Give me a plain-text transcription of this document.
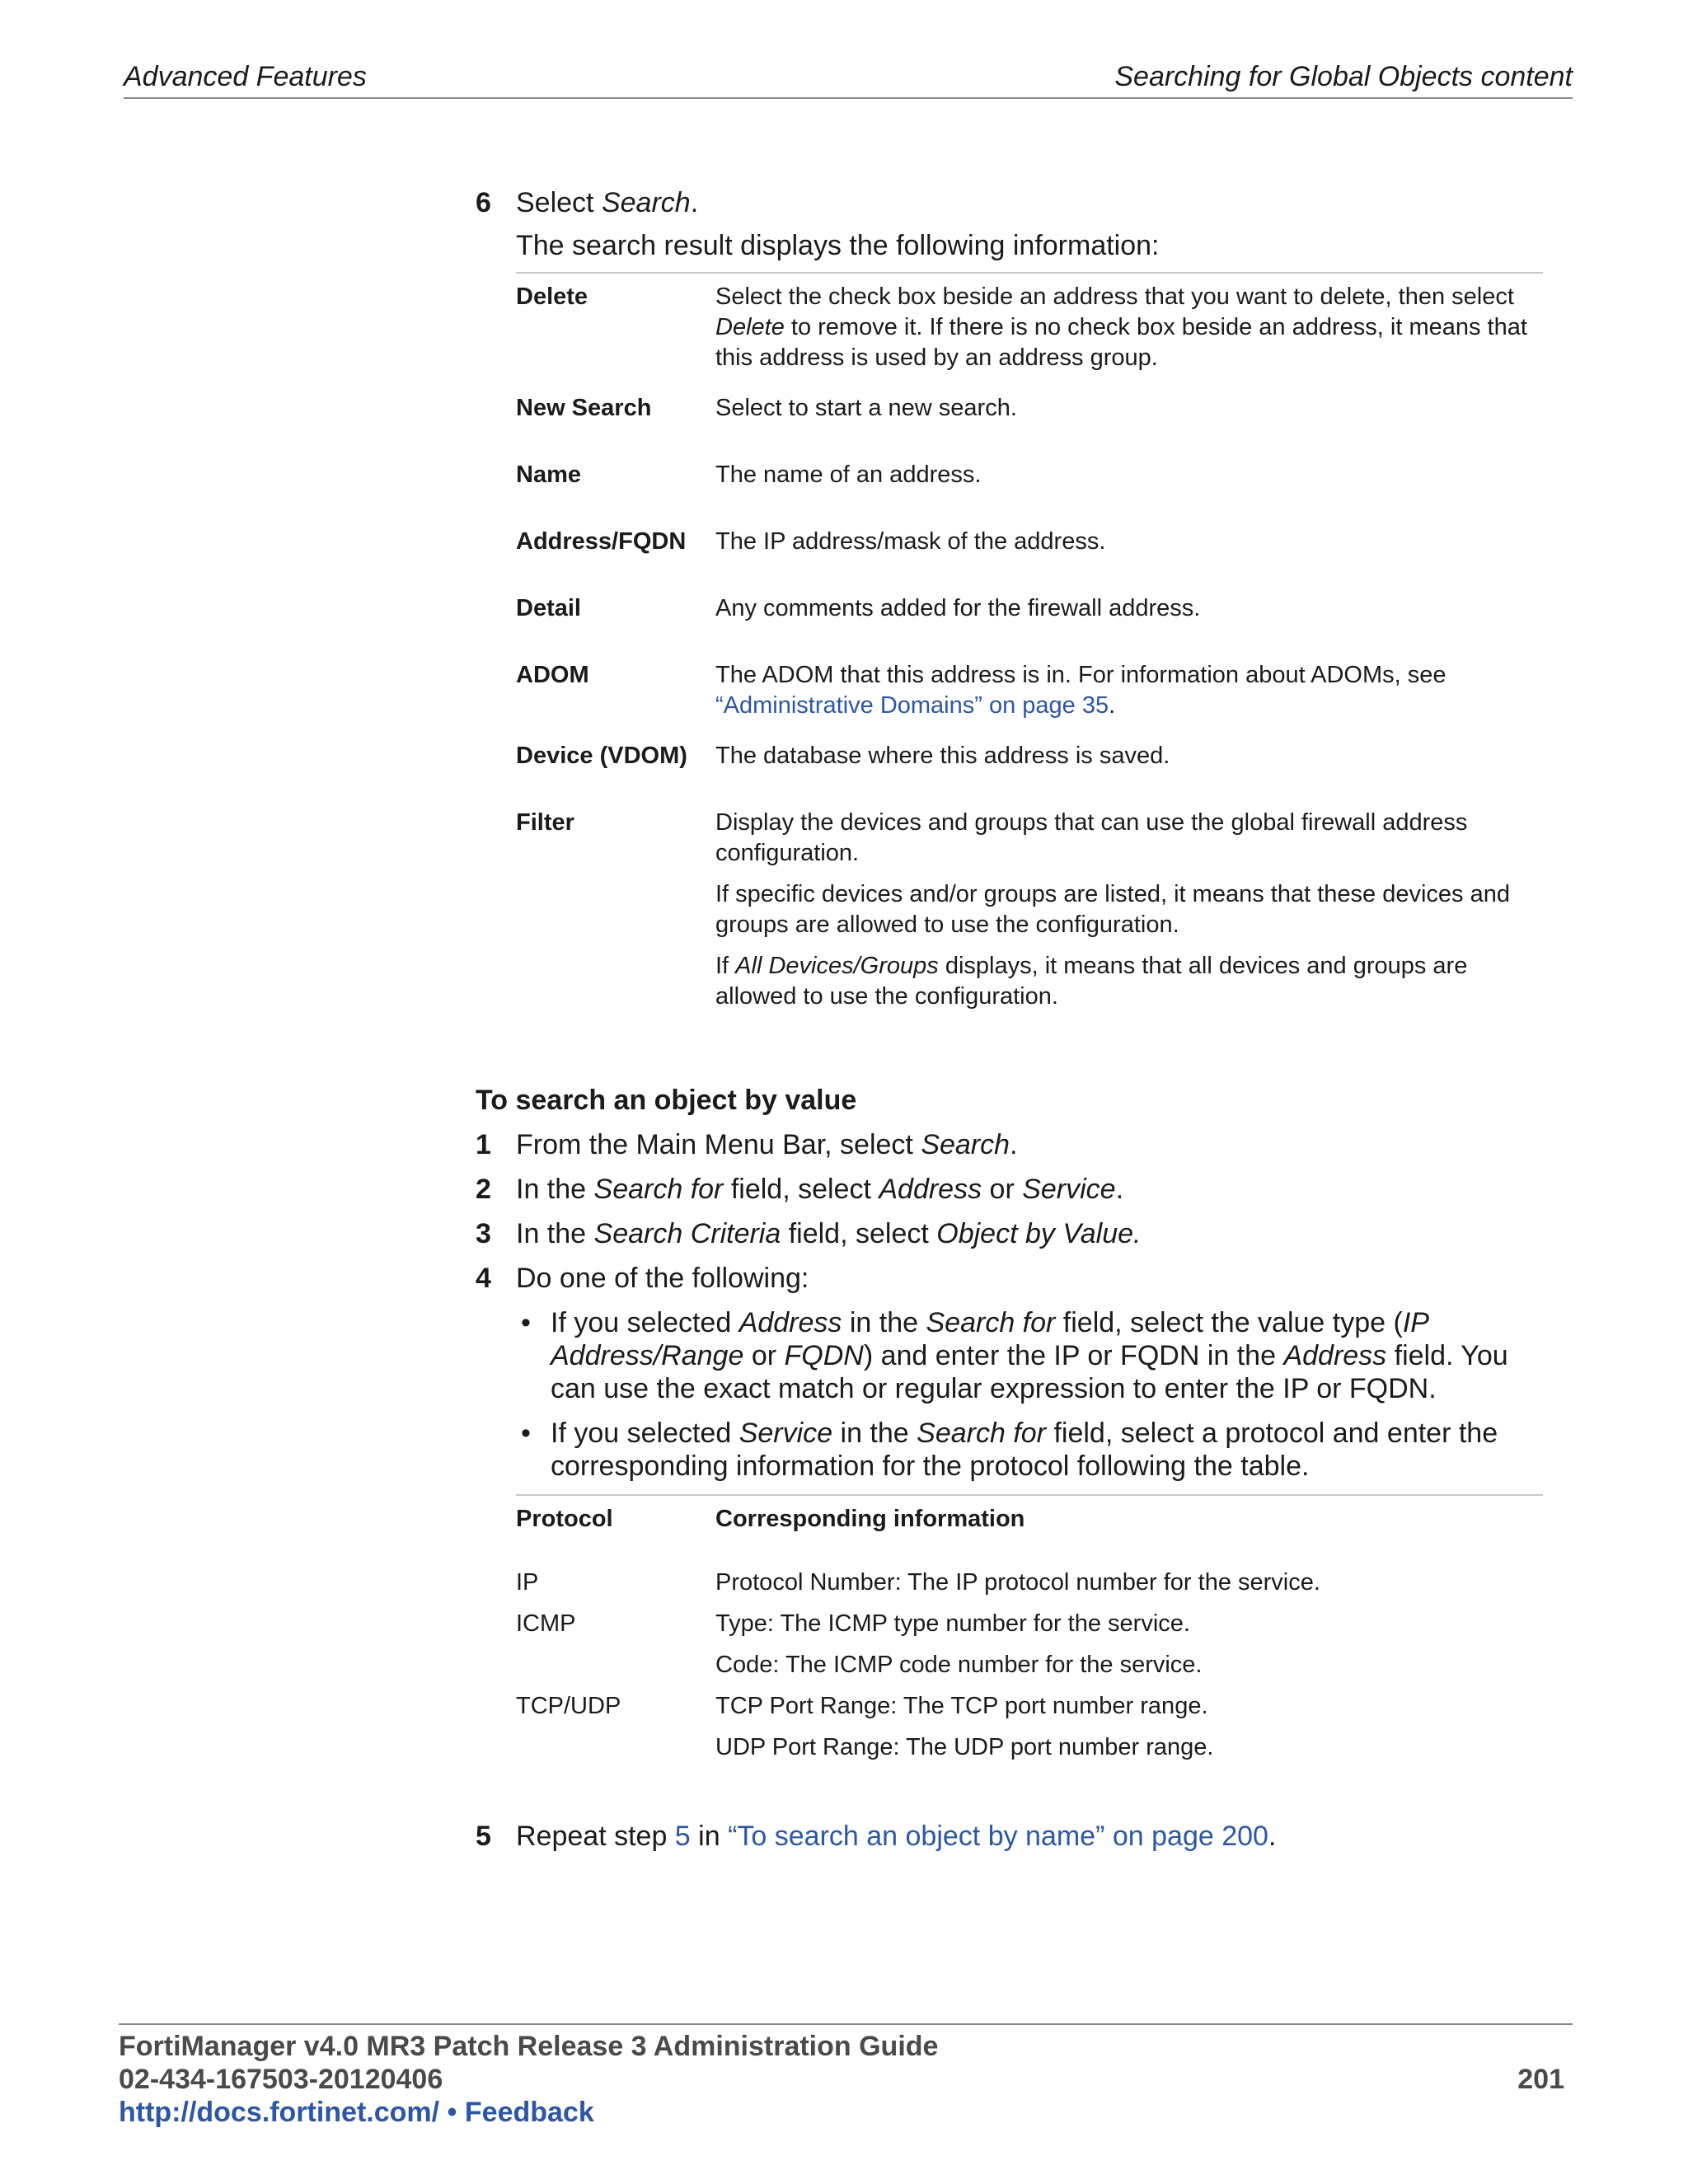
Advanced Features	Searching for Global Objects content
6 Select Search.
The search result displays the following information:
Delete	Select the check box beside an address that you want to delete, then select Delete to remove it. If there is no check box beside an address, it means that this address is used by an address group.
New Search	Select to start a new search.
Name	The name of an address.
Address/FQDN	The IP address/mask of the address.
Detail	Any comments added for the firewall address.
ADOM	The ADOM that this address is in. For information about ADOMs, see “Administrative Domains” on page 35.
Device (VDOM)	The database where this address is saved.
Filter	Display the devices and groups that can use the global firewall address configuration.

If specific devices and/or groups are listed, it means that these devices and groups are allowed to use the configuration.

If All Devices/Groups displays, it means that all devices and groups are allowed to use the configuration.

To search an object by value
1 From the Main Menu Bar, select Search.
2 In the Search for field, select Address or Service.
3 In the Search Criteria field, select Object by Value.
4 Do one of the following:
• If you selected Address in the Search for field, select the value type (IP Address/Range or FQDN) and enter the IP or FQDN in the Address field. You can use the exact match or regular expression to enter the IP or FQDN.
• If you selected Service in the Search for field, select a protocol and enter the corresponding information for the protocol following the table.
Protocol	Corresponding information
IP	Protocol Number: The IP protocol number for the service.
ICMP	Type: The ICMP type number for the service.
	Code: The ICMP code number for the service.
TCP/UDP	TCP Port Range: The TCP port number range.
	UDP Port Range: The UDP port number range.
5 Repeat step 5 in “To search an object by name” on page 200.
FortiManager v4.0 MR3 Patch Release 3 Administration Guide
02-434-167503-20120406	201
http://docs.fortinet.com/ • Feedback
